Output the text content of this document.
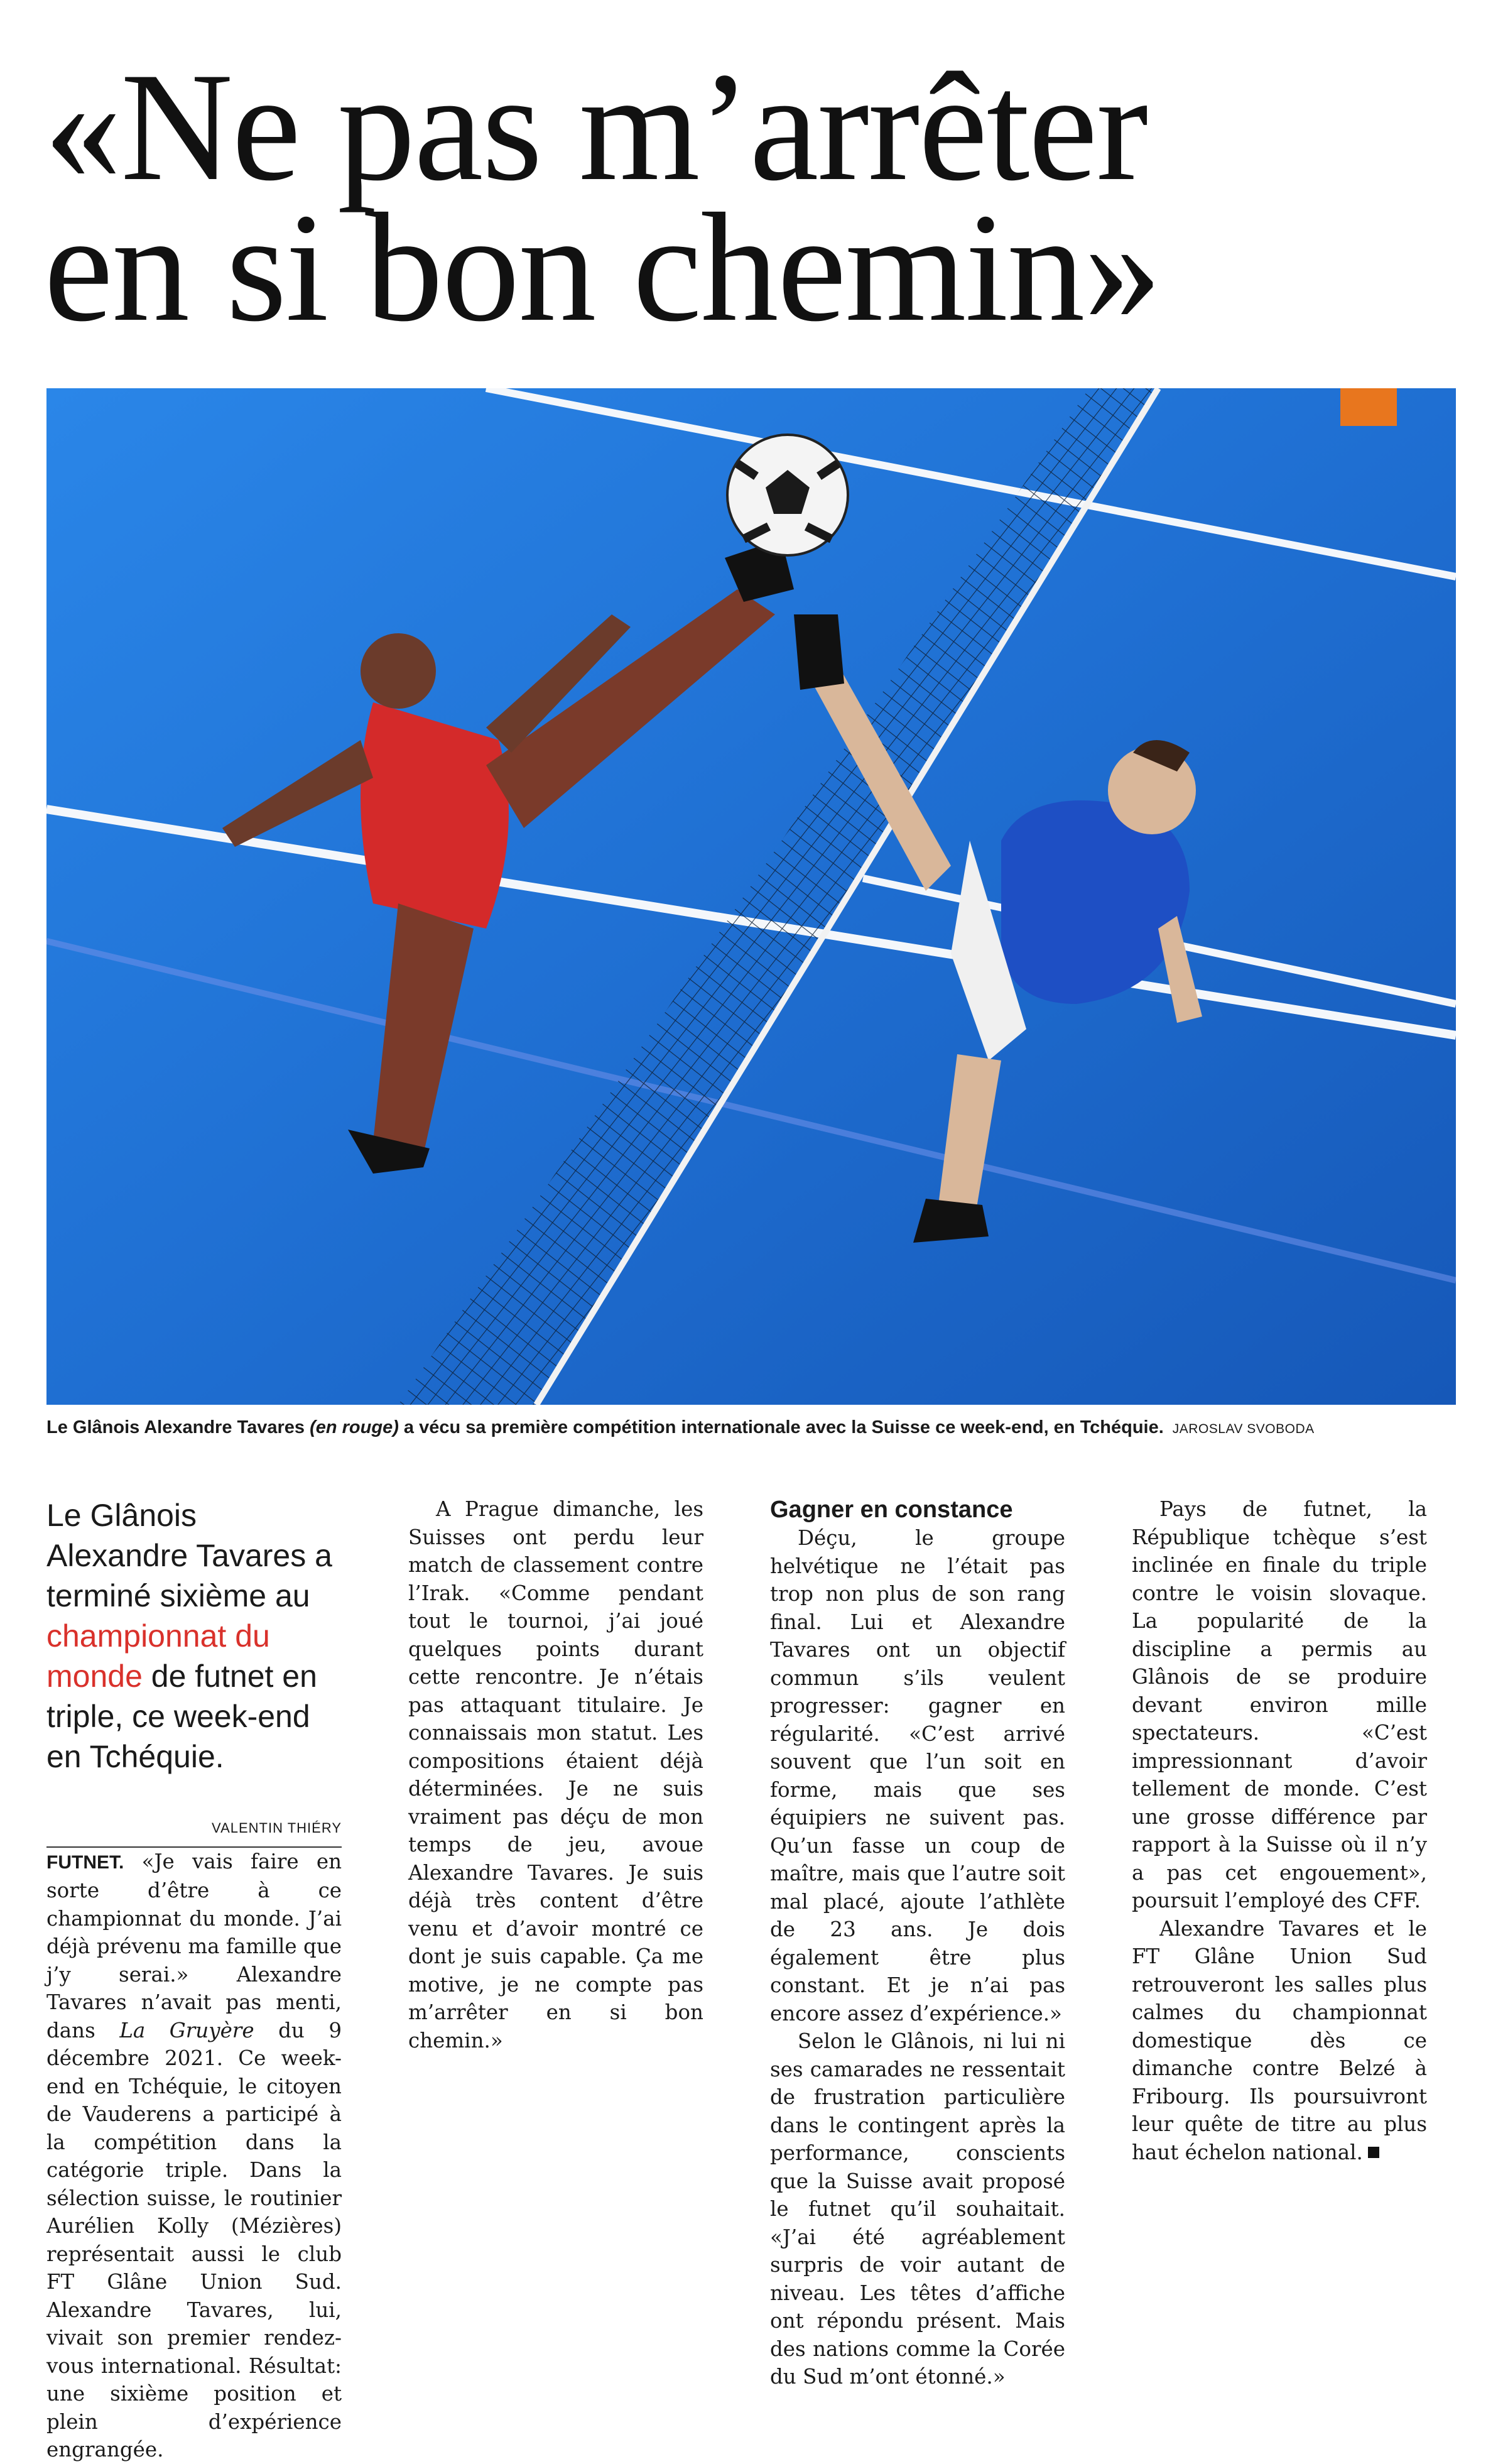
«Ne pas m’arrêter
en si bon chemin»
Le Glânois Alexandre Tavares (en rouge) a vécu sa première compétition internationale avec la Suisse ce week-end, en Tchéquie. JAROSLAV SVOBODA

Le Glânois Alexandre Tavares a terminé sixième au championnat du monde de futnet en triple, ce week-end en Tchéquie.

VALENTIN THIÉRY

FUTNET. «Je vais faire en sorte d’être à ce championnat du monde. J’ai déjà prévenu ma famille que j’y serai.» Alexandre Tavares n’avait pas menti, dans La Gruyère du 9 décembre 2021. Ce week-end en Tchéquie, le citoyen de Vauderens a participé à la compétition dans la catégorie triple. Dans la sélection suisse, le routinier Aurélien Kolly (Mézières) représentait aussi le club FT Glâne Union Sud. Alexandre Tavares, lui, vivait son premier rendez-vous international. Résultat: une sixième position et plein d’expérience engrangée.

A Prague dimanche, les Suisses ont perdu leur match de classement contre l’Irak. «Comme pendant tout le tournoi, j’ai joué quelques points durant cette rencontre. Je n’étais pas attaquant titulaire. Je connaissais mon statut. Les compositions étaient déjà déterminées. Je ne suis vraiment pas déçu de mon temps de jeu, avoue Alexandre Tavares. Je suis déjà très content d’être venu et d’avoir montré ce dont je suis capable. Ça me motive, je ne compte pas m’arrêter en si bon chemin.»

Gagner en constance

Déçu, le groupe helvétique ne l’était pas trop non plus de son rang final. Lui et Alexandre Tavares ont un objectif commun s’ils veulent progresser: gagner en régularité. «C’est arrivé souvent que l’un soit en forme, mais que ses équipiers ne suivent pas. Qu’un fasse un coup de maître, mais que l’autre soit mal placé, ajoute l’athlète de 23 ans. Je dois également être plus constant. Et je n’ai pas encore assez d’expérience.»

Selon le Glânois, ni lui ni ses camarades ne ressentait de frustration particulière dans le contingent après la performance, conscients que la Suisse avait proposé le futnet qu’il souhaitait. «J’ai été agréablement surpris de voir autant de niveau. Les têtes d’affiche ont répondu présent. Mais des nations comme la Corée du Sud m’ont étonné.»

Pays de futnet, la République tchèque s’est inclinée en finale du triple contre le voisin slovaque. La popularité de la discipline a permis au Glânois de se produire devant environ mille spectateurs. «C’est impressionnant d’avoir tellement de monde. C’est une grosse différence par rapport à la Suisse où il n’y a pas cet engouement», poursuit l’employé des CFF.

Alexandre Tavares et le FT Glâne Union Sud retrouveront les salles plus calmes du championnat domestique dès ce dimanche contre Belzé à Fribourg. Ils poursuivront leur quête de titre au plus haut échelon national.
